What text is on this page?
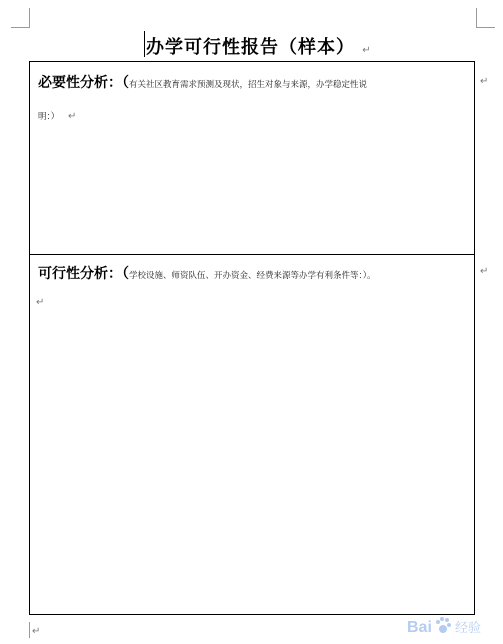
办学可行性报告（样本） ↵
必要性分析：（有关社区教育需求预测及现状，招生对象与来源，办学稳定性说
明：） ↵
可行性分析：（学校设施、师资队伍、开办资金、经费来源等办学有利条件等：）。
↵
↵
↵
↵	Bai 经验
